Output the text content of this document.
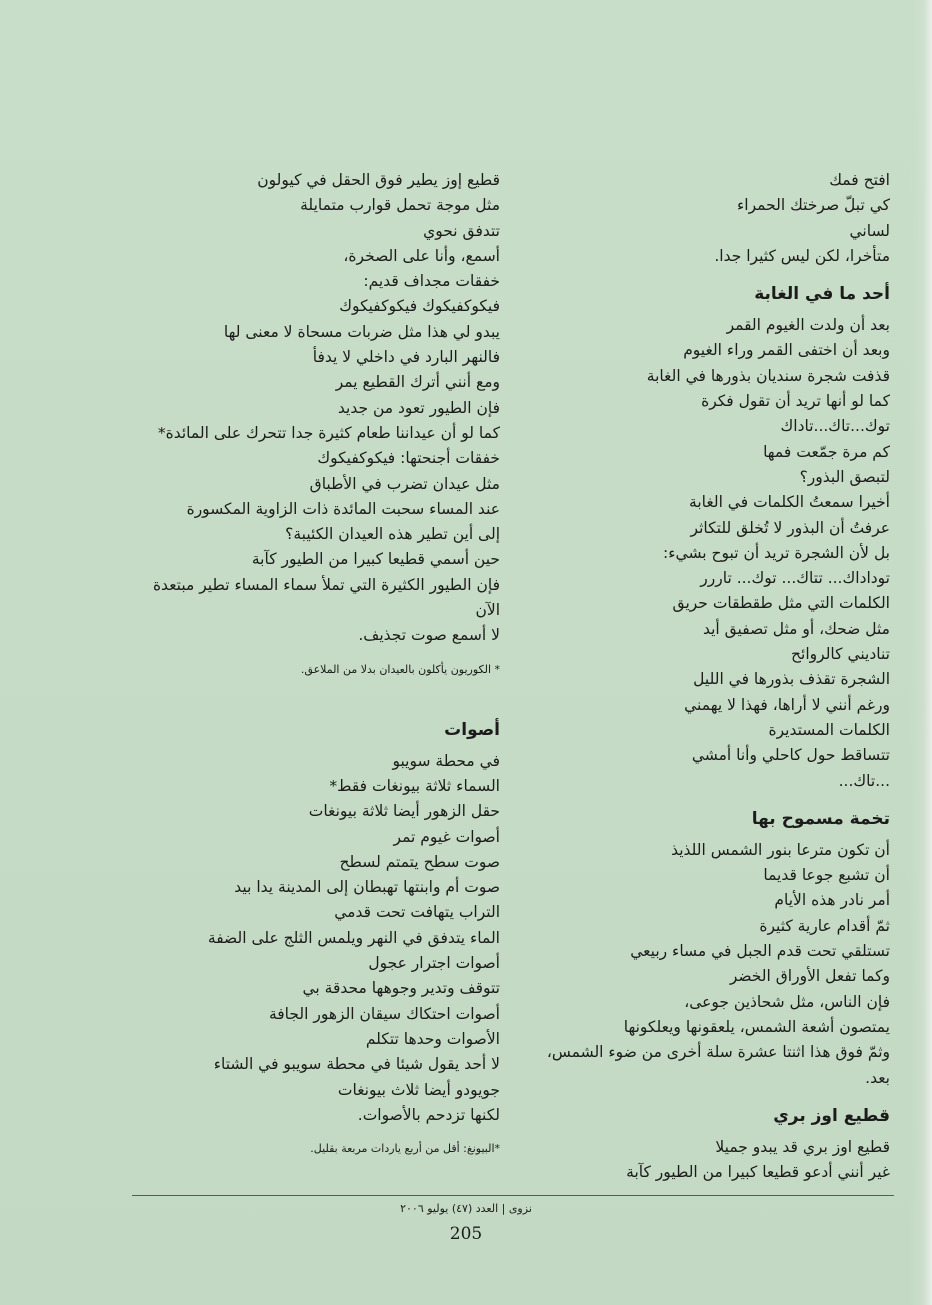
افتح فمك
كي تبلّ صرختك الحمراء
لساني
متأخرا، لكن ليس كثيرا جدا.
أحد ما في الغابة
بعد أن ولدت الغيوم القمر
وبعد أن اختفى القمر وراء الغيوم
قذفت شجرة سنديان بذورها في الغابة
كما لو أنها تريد أن تقول فكرة
توك...تاك...تاداك
كم مرة جمّعت فمها
لتبصق البذور؟
أخيرا سمعتُ الكلمات في الغابة
عرفتُ أن البذور لا تُخلق للتكاثر
بل لأن الشجرة تريد أن تبوح بشيء:
توداداك... تتاك... توك... تاررر
الكلمات التي مثل طقطقات حريق
مثل ضحك، أو مثل تصفيق أيد
تناديني كالروائح
الشجرة تقذف بذورها في الليل
ورغم أنني لا أراها، فهذا لا يهمني
الكلمات المستديرة
تتساقط حول كاحلي وأنا أمشي
...تاك...
تخمة مسموح بها
أن تكون مترعا بنور الشمس اللذيذ
أن تشبع جوعا قديما
أمر نادر هذه الأيام
ثمّ أقدام عارية كثيرة
تستلقي تحت قدم الجبل في مساء ربيعي
وكما تفعل الأوراق الخضر
فإن الناس، مثل شحاذين جوعى،
يمتصون أشعة الشمس، يلعقونها ويعلكونها
وثمّ فوق هذا اثنتا عشرة سلة أخرى من ضوء الشمس،
بعد.
قطيع اوز بري
قطيع اوز بري قد يبدو جميلا
غير أنني أدعو قطيعا كبيرا من الطيور كآبة
قطيع إوز يطير فوق الحقل في كيولون
مثل موجة تحمل قوارب متمايلة
تتدفق نحوي
أسمع، وأنا على الصخرة،
خفقات مجداف قديم:
فيكوكفيكوك فيكوكفيكوك
يبدو لي هذا مثل ضربات مسحاة لا معنى لها
فالنهر البارد في داخلي لا يدفأ
ومع أنني أترك القطيع يمر
فإن الطيور تعود من جديد
كما لو أن عيداننا طعام كثيرة جدا تتحرك على المائدة*
خفقات أجنحتها: فيكوكفيكوك
مثل عيدان تضرب في الأطباق
عند المساء سحبت المائدة ذات الزاوية المكسورة
إلى أين تطير هذه العيدان الكئيبة؟
حين أسمي قطيعا كبيرا من الطيور كآبة
فإن الطيور الكثيرة التي تملأ سماء المساء تطير مبتعدة
الآن
لا أسمع صوت تجذيف.
* الكوريون يأكلون بالعيدان بدلا من الملاعق.
أصوات
في محطة سويبو
السماء ثلاثة بيونغات فقط*
حقل الزهور أيضا ثلاثة بيونغات
أصوات غيوم تمر
صوت سطح يتمتم لسطح
صوت أم وابنتها تهبطان إلى المدينة يدا بيد
التراب يتهافت تحت قدمي
الماء يتدفق في النهر ويلمس الثلج على الضفة
أصوات اجترار عجول
تتوقف وتدير وجوهها محدقة بي
أصوات احتكاك سيقان الزهور الجافة
الأصوات وحدها تتكلم
لا أحد يقول شيئا في محطة سويبو في الشتاء
جويودو أيضا ثلاث بيونغات
لكنها تزدحم بالأصوات.
*البيونغ: أقل من أربع ياردات مربعة بقليل.
نزوى | العدد (٤٧) يوليو ٢٠٠٦
205
